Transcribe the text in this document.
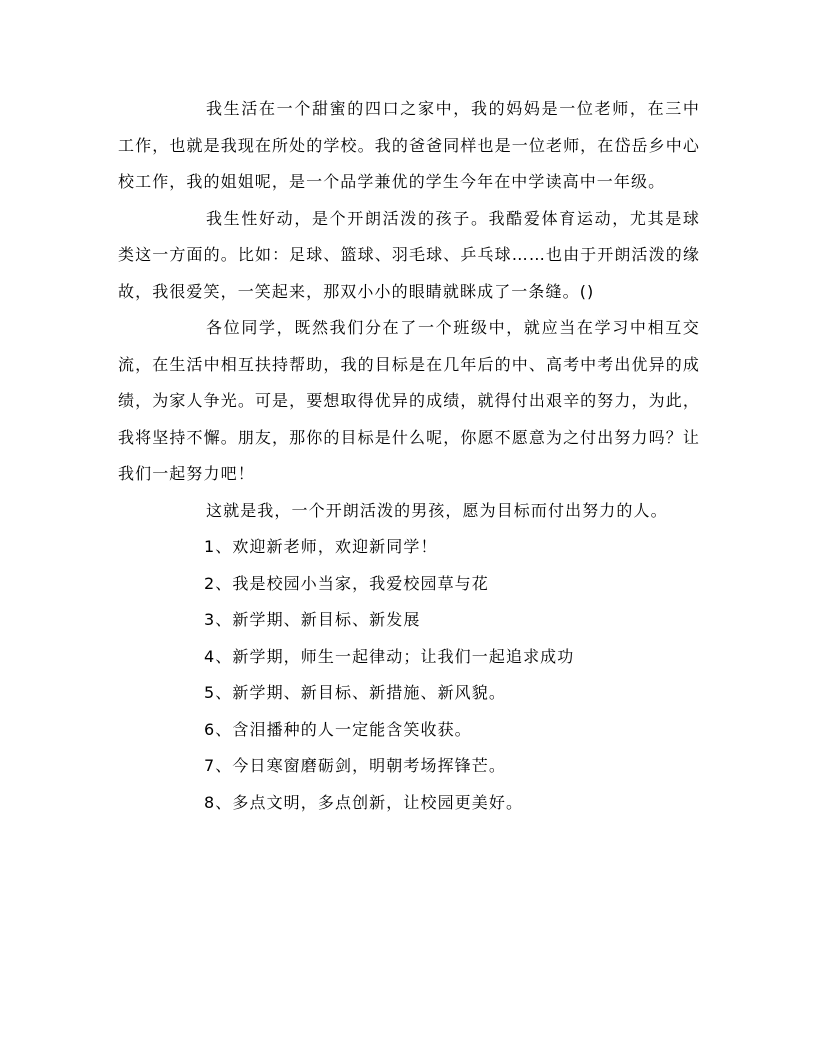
我生活在一个甜蜜的四口之家中，我的妈妈是一位老师，在三中工作，也就是我现在所处的学校。我的爸爸同样也是一位老师，在岱岳乡中心校工作，我的姐姐呢，是一个品学兼优的学生今年在中学读高中一年级。

我生性好动，是个开朗活泼的孩子。我酷爱体育运动，尤其是球类这一方面的。比如：足球、篮球、羽毛球、乒乓球……也由于开朗活泼的缘故，我很爱笑，一笑起来，那双小小的眼睛就眯成了一条缝。()

各位同学，既然我们分在了一个班级中，就应当在学习中相互交流，在生活中相互扶持帮助，我的目标是在几年后的中、高考中考出优异的成绩，为家人争光。可是，要想取得优异的成绩，就得付出艰辛的努力，为此，我将坚持不懈。朋友，那你的目标是什么呢，你愿不愿意为之付出努力吗？让我们一起努力吧！

这就是我，一个开朗活泼的男孩，愿为目标而付出努力的人。

1、欢迎新老师，欢迎新同学！
2、我是校园小当家，我爱校园草与花
3、新学期、新目标、新发展
4、新学期，师生一起律动；让我们一起追求成功
5、新学期、新目标、新措施、新风貌。
6、含泪播种的人一定能含笑收获。
7、今日寒窗磨砺剑，明朝考场挥锋芒。
8、多点文明，多点创新，让校园更美好。
